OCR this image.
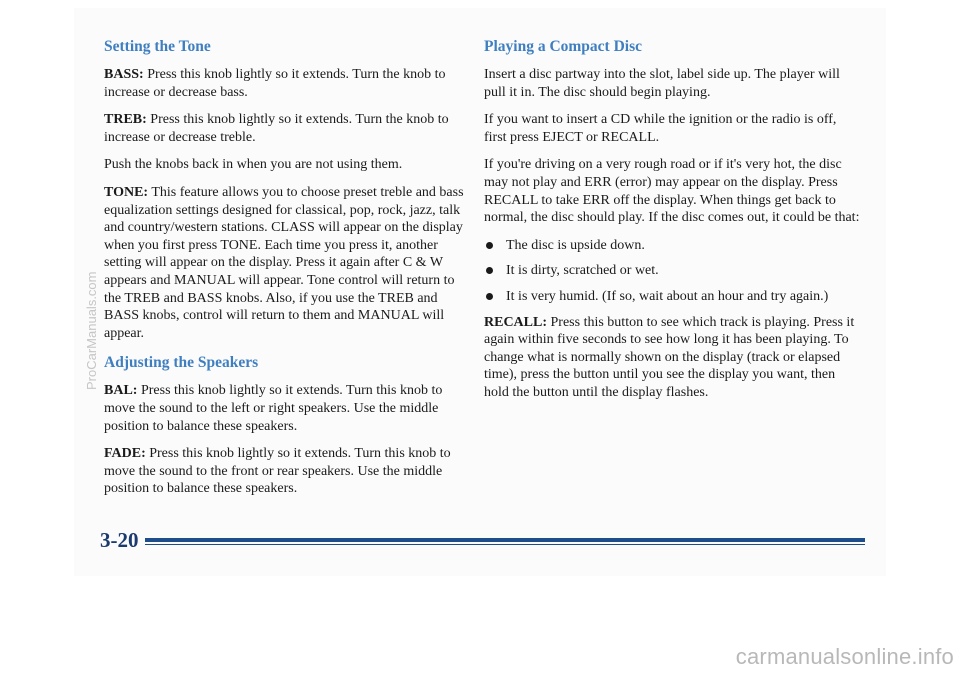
Setting the Tone

BASS: Press this knob lightly so it extends. Turn the knob to increase or decrease bass.

TREB: Press this knob lightly so it extends. Turn the knob to increase or decrease treble.

Push the knobs back in when you are not using them.

TONE: This feature allows you to choose preset treble and bass equalization settings designed for classical, pop, rock, jazz, talk and country/western stations. CLASS will appear on the display when you first press TONE. Each time you press it, another setting will appear on the display. Press it again after C & W appears and MANUAL will appear. Tone control will return to the TREB and BASS knobs. Also, if you use the TREB and BASS knobs, control will return to them and MANUAL will appear.

Adjusting the Speakers

BAL: Press this knob lightly so it extends. Turn this knob to move the sound to the left or right speakers. Use the middle position to balance these speakers.

FADE: Press this knob lightly so it extends. Turn this knob to move the sound to the front or rear speakers. Use the middle position to balance these speakers.

Playing a Compact Disc

Insert a disc partway into the slot, label side up. The player will pull it in. The disc should begin playing.

If you want to insert a CD while the ignition or the radio is off, first press EJECT or RECALL.

If you're driving on a very rough road or if it's very hot, the disc may not play and ERR (error) may appear on the display. Press RECALL to take ERR off the display. When things get back to normal, the disc should play. If the disc comes out, it could be that:

The disc is upside down.
It is dirty, scratched or wet.
It is very humid. (If so, wait about an hour and try again.)

RECALL: Press this button to see which track is playing. Press it again within five seconds to see how long it has been playing. To change what is normally shown on the display (track or elapsed time), press the button until you see the display you want, then hold the button until the display flashes.

3-20
ProCarManuals.com
carmanualsonline.info
